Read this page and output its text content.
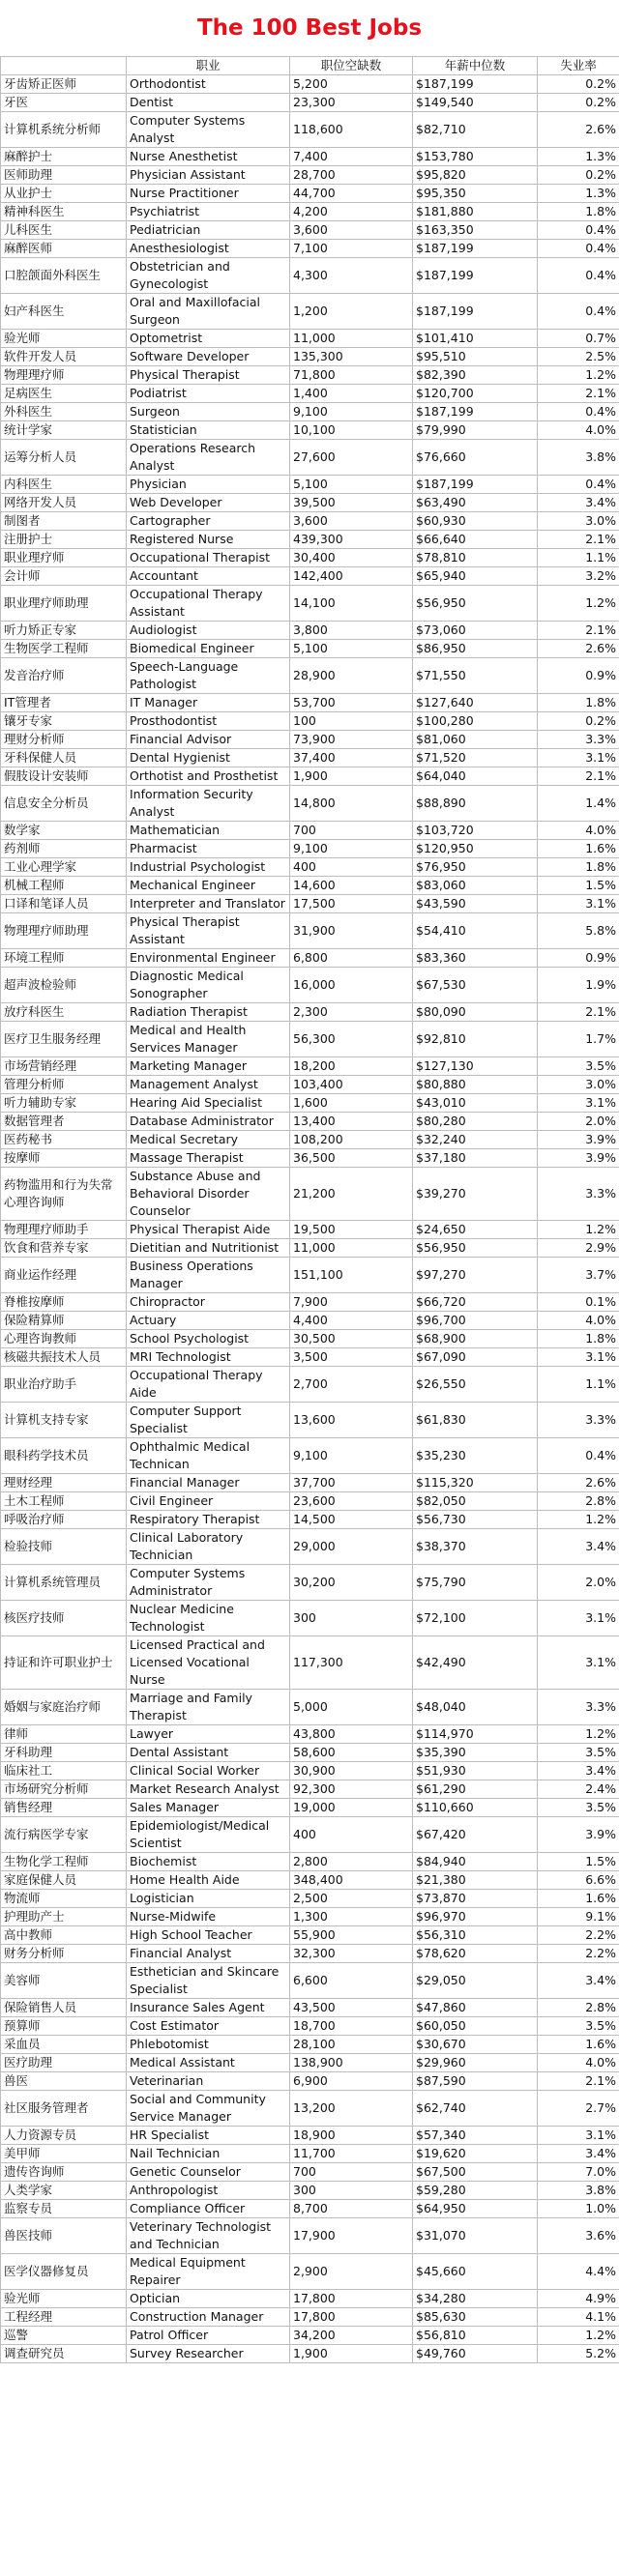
The 100 Best Jobs
	职业	职位空缺数	年薪中位数	失业率
牙齿矫正医师	Orthodontist	5,200	$187,199	0.2%
牙医	Dentist	23,300	$149,540	0.2%
计算机系统分析师	Computer Systems Analyst	118,600	$82,710	2.6%
麻醉护士	Nurse Anesthetist	7,400	$153,780	1.3%
医师助理	Physician Assistant	28,700	$95,820	0.2%
从业护士	Nurse Practitioner	44,700	$95,350	1.3%
精神科医生	Psychiatrist	4,200	$181,880	1.8%
儿科医生	Pediatrician	3,600	$163,350	0.4%
麻醉医师	Anesthesiologist	7,100	$187,199	0.4%
口腔颌面外科医生	Obstetrician and Gynecologist	4,300	$187,199	0.4%
妇产科医生	Oral and Maxillofacial Surgeon	1,200	$187,199	0.4%
验光师	Optometrist	11,000	$101,410	0.7%
软件开发人员	Software Developer	135,300	$95,510	2.5%
物理理疗师	Physical Therapist	71,800	$82,390	1.2%
足病医生	Podiatrist	1,400	$120,700	2.1%
外科医生	Surgeon	9,100	$187,199	0.4%
统计学家	Statistician	10,100	$79,990	4.0%
运筹分析人员	Operations Research Analyst	27,600	$76,660	3.8%
内科医生	Physician	5,100	$187,199	0.4%
网络开发人员	Web Developer	39,500	$63,490	3.4%
制图者	Cartographer	3,600	$60,930	3.0%
注册护士	Registered Nurse	439,300	$66,640	2.1%
职业理疗师	Occupational Therapist	30,400	$78,810	1.1%
会计师	Accountant	142,400	$65,940	3.2%
职业理疗师助理	Occupational Therapy Assistant	14,100	$56,950	1.2%
听力矫正专家	Audiologist	3,800	$73,060	2.1%
生物医学工程师	Biomedical Engineer	5,100	$86,950	2.6%
发音治疗师	Speech-Language Pathologist	28,900	$71,550	0.9%
IT管理者	IT Manager	53,700	$127,640	1.8%
镶牙专家	Prosthodontist	100	$100,280	0.2%
理财分析师	Financial Advisor	73,900	$81,060	3.3%
牙科保健人员	Dental Hygienist	37,400	$71,520	3.1%
假肢设计安装师	Orthotist and Prosthetist	1,900	$64,040	2.1%
信息安全分析员	Information Security Analyst	14,800	$88,890	1.4%
数学家	Mathematician	700	$103,720	4.0%
药剂师	Pharmacist	9,100	$120,950	1.6%
工业心理学家	Industrial Psychologist	400	$76,950	1.8%
机械工程师	Mechanical Engineer	14,600	$83,060	1.5%
口译和笔译人员	Interpreter and Translator	17,500	$43,590	3.1%
物理理疗师助理	Physical Therapist Assistant	31,900	$54,410	5.8%
环境工程师	Environmental Engineer	6,800	$83,360	0.9%
超声波检验师	Diagnostic Medical Sonographer	16,000	$67,530	1.9%
放疗科医生	Radiation Therapist	2,300	$80,090	2.1%
医疗卫生服务经理	Medical and Health Services Manager	56,300	$92,810	1.7%
市场营销经理	Marketing Manager	18,200	$127,130	3.5%
管理分析师	Management Analyst	103,400	$80,880	3.0%
听力辅助专家	Hearing Aid Specialist	1,600	$43,010	3.1%
数据管理者	Database Administrator	13,400	$80,280	2.0%
医药秘书	Medical Secretary	108,200	$32,240	3.9%
按摩师	Massage Therapist	36,500	$37,180	3.9%
药物滥用和行为失常心理咨询师	Substance Abuse and Behavioral Disorder Counselor	21,200	$39,270	3.3%
物理理疗师助手	Physical Therapist Aide	19,500	$24,650	1.2%
饮食和营养专家	Dietitian and Nutritionist	11,000	$56,950	2.9%
商业运作经理	Business Operations Manager	151,100	$97,270	3.7%
脊椎按摩师	Chiropractor	7,900	$66,720	0.1%
保险精算师	Actuary	4,400	$96,700	4.0%
心理咨询教师	School Psychologist	30,500	$68,900	1.8%
核磁共振技术人员	MRI Technologist	3,500	$67,090	3.1%
职业治疗助手	Occupational Therapy Aide	2,700	$26,550	1.1%
计算机支持专家	Computer Support Specialist	13,600	$61,830	3.3%
眼科药学技术员	Ophthalmic Medical Technican	9,100	$35,230	0.4%
理财经理	Financial Manager	37,700	$115,320	2.6%
土木工程师	Civil Engineer	23,600	$82,050	2.8%
呼吸治疗师	Respiratory Therapist	14,500	$56,730	1.2%
检验技师	Clinical Laboratory Technician	29,000	$38,370	3.4%
计算机系统管理员	Computer Systems Administrator	30,200	$75,790	2.0%
核医疗技师	Nuclear Medicine Technologist	300	$72,100	3.1%
持证和许可职业护士	Licensed Practical and Licensed Vocational Nurse	117,300	$42,490	3.1%
婚姻与家庭治疗师	Marriage and Family Therapist	5,000	$48,040	3.3%
律师	Lawyer	43,800	$114,970	1.2%
牙科助理	Dental Assistant	58,600	$35,390	3.5%
临床社工	Clinical Social Worker	30,900	$51,930	3.4%
市场研究分析师	Market Research Analyst	92,300	$61,290	2.4%
销售经理	Sales Manager	19,000	$110,660	3.5%
流行病医学专家	Epidemiologist/Medical Scientist	400	$67,420	3.9%
生物化学工程师	Biochemist	2,800	$84,940	1.5%
家庭保健人员	Home Health Aide	348,400	$21,380	6.6%
物流师	Logistician	2,500	$73,870	1.6%
护理助产士	Nurse-Midwife	1,300	$96,970	9.1%
高中教师	High School Teacher	55,900	$56,310	2.2%
财务分析师	Financial Analyst	32,300	$78,620	2.2%
美容师	Esthetician and Skincare Specialist	6,600	$29,050	3.4%
保险销售人员	Insurance Sales Agent	43,500	$47,860	2.8%
预算师	Cost Estimator	18,700	$60,050	3.5%
采血员	Phlebotomist	28,100	$30,670	1.6%
医疗助理	Medical Assistant	138,900	$29,960	4.0%
兽医	Veterinarian	6,900	$87,590	2.1%
社区服务管理者	Social and Community Service Manager	13,200	$62,740	2.7%
人力资源专员	HR Specialist	18,900	$57,340	3.1%
美甲师	Nail Technician	11,700	$19,620	3.4%
遗传咨询师	Genetic Counselor	700	$67,500	7.0%
人类学家	Anthropologist	300	$59,280	3.8%
监察专员	Compliance Officer	8,700	$64,950	1.0%
兽医技师	Veterinary Technologist and Technician	17,900	$31,070	3.6%
医学仪器修复员	Medical Equipment Repairer	2,900	$45,660	4.4%
验光师	Optician	17,800	$34,280	4.9%
工程经理	Construction Manager	17,800	$85,630	4.1%
巡警	Patrol Officer	34,200	$56,810	1.2%
调查研究员	Survey Researcher	1,900	$49,760	5.2%
